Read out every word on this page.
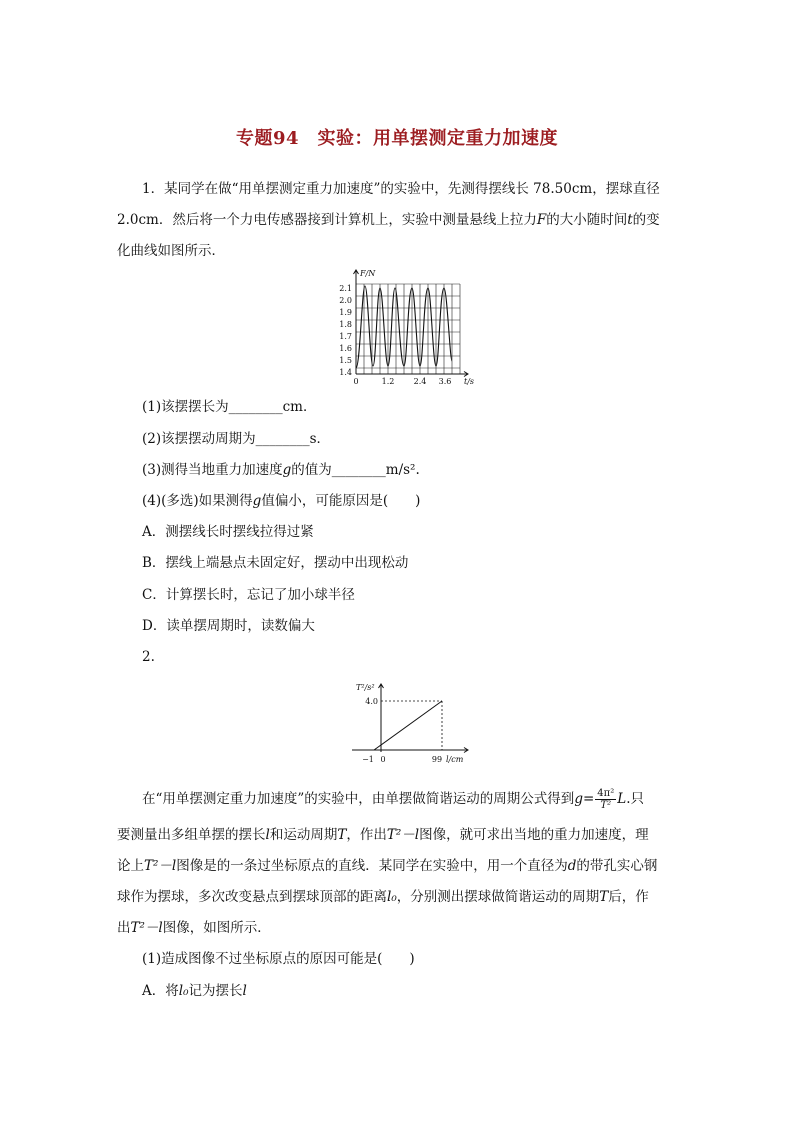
专题94　实验：用单摆测定重力加速度
1．某同学在做“用单摆测定重力加速度”的实验中，先测得摆线长 78.50cm，摆球直径
2.0cm．然后将一个力电传感器接到计算机上，实验中测量悬线上拉力F的大小随时间t的变
化曲线如图所示．
F/N
2.1
2.0
1.9
1.8
1.7
1.6
1.5
1.4
0	1.2 2.4 3.6 t/s
(1)该摆摆长为________cm．
(2)该摆摆动周期为________s．
(3)测得当地重力加速度g的值为________m/s².
(4)(多选)如果测得g值偏小，可能原因是(　　)
A．测摆线长时摆线拉得过紧
B．摆线上端悬点未固定好，摆动中出现松动
C．计算摆长时，忘记了加小球半径
D．读单摆周期时，读数偏大
2.
T²/s²
4.0
−1 0	99 l/cm
在“用单摆测定重力加速度”的实验中，由单摆做简谐运动的周期公式得到$g= \frac{\text{4π²}}{\text{T²}} L$.只
要测量出多组单摆的摆长l和运动周期T，作出T²－l图像，就可求出当地的重力加速度，理
论上T²－l图像是的一条过坐标原点的直线．某同学在实验中，用一个直径为d的带孔实心钢
球作为摆球，多次改变悬点到摆球顶部的距离l₀，分别测出摆球做简谐运动的周期T后，作
出T²－l图像，如图所示．
(1)造成图像不过坐标原点的原因可能是(　　)
A．将l₀记为摆长l
